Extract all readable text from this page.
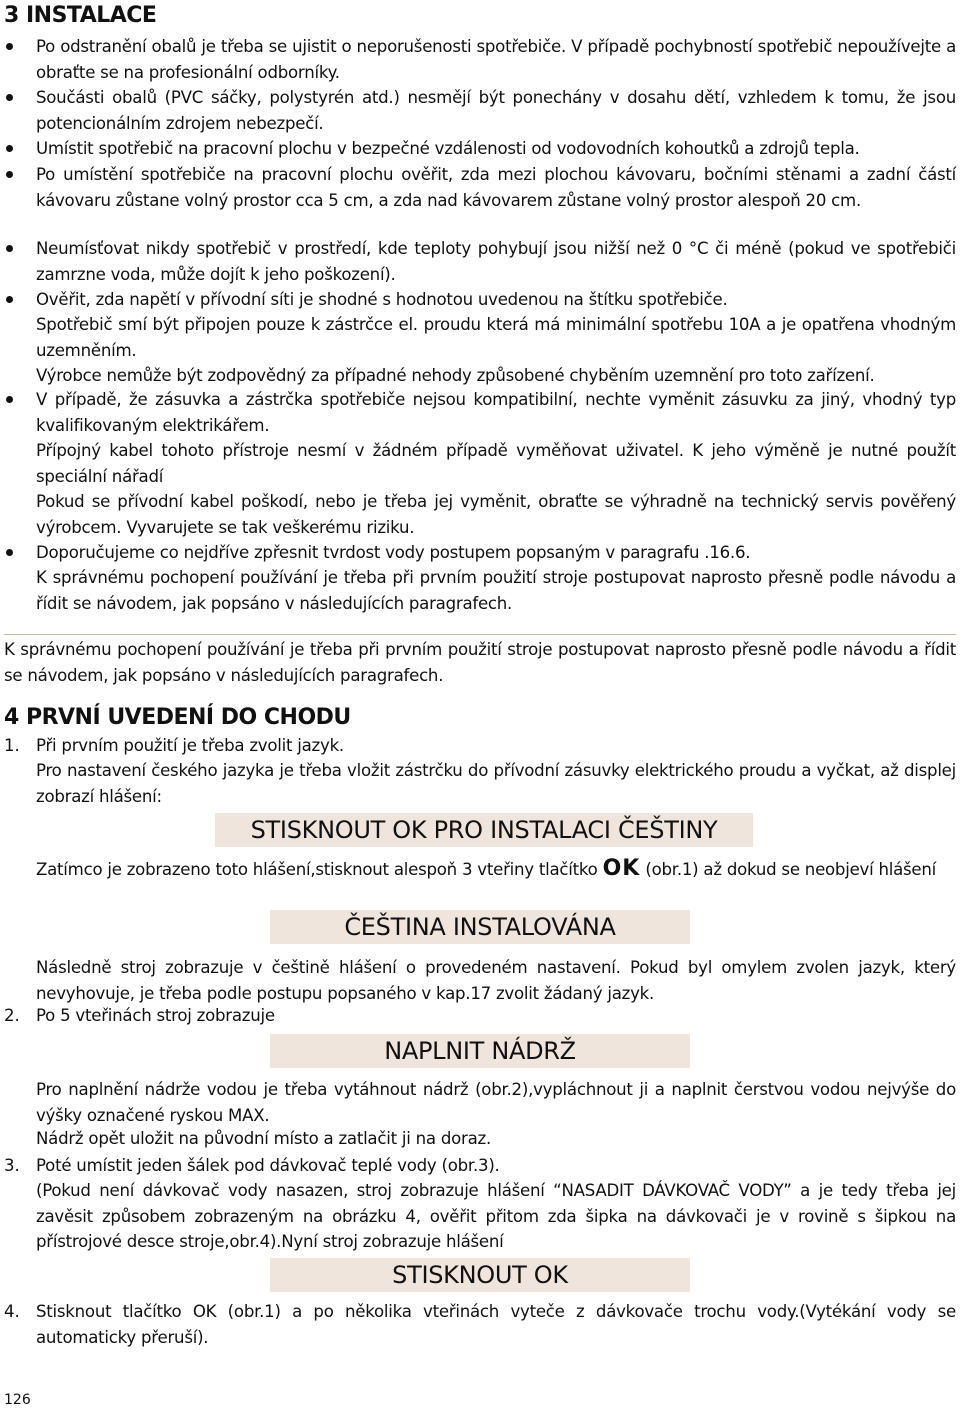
3 INSTALACE
Po odstranění obalů je třeba se ujistit o neporušenosti spotřebiče. V případě pochybností spotřebič nepoužívejte a obraťte se na profesionální odborníky.
Součásti obalů (PVC sáčky, polystyrén atd.) nesmějí být ponechány v dosahu dětí, vzhledem k tomu, že jsou potencionálním zdrojem nebezpečí.
Umístit spotřebič na pracovní plochu v bezpečné vzdálenosti od vodovodních kohoutků a zdrojů tepla.
Po umístění spotřebiče na pracovní plochu ověřit, zda mezi plochou kávovaru, bočními stěnami a zadní částí kávovaru zůstane volný prostor cca 5 cm, a zda nad kávovarem zůstane volný prostor alespoň 20 cm.
Neumísťovat nikdy spotřebič v prostředí, kde teploty pohybují jsou nižší než 0 °C či méně (pokud ve spotřebiči zamrzne voda, může dojít k jeho poškození).
Ověřit, zda napětí v přívodní síti je shodné s hodnotou uvedenou na štítku spotřebiče.
Spotřebič smí být připojen pouze k zástrčce el. proudu která má minimální spotřebu 10A a je opatřena vhodným uzemněním.
Výrobce nemůže být zodpovědný za případné nehody způsobené chyběním uzemnění pro toto zařízení.
V případě, že zásuvka a zástrčka spotřebiče nejsou kompatibilní, nechte vyměnit zásuvku za jiný, vhodný typ kvalifikovaným elektrikářem.
Přípojný kabel tohoto přístroje nesmí v žádném případě vyměňovat uživatel. K jeho výměně je nutné použít speciální nářadí
Pokud se přívodní kabel poškodí, nebo je třeba jej vyměnit, obraťte se výhradně na technický servis pověřený výrobcem. Vyvarujete se tak veškerému riziku.
Doporučujeme co nejdříve zpřesnit tvrdost vody postupem popsaným v paragrafu .16.6.
K správnému pochopení používání je třeba při prvním použití stroje postupovat naprosto přesně podle návodu a řídit se návodem, jak popsáno v následujících paragrafech.
K správnému pochopení používání je třeba při prvním použití stroje postupovat naprosto přesně podle návodu a řídit se návodem, jak popsáno v následujících paragrafech.
4 PRVNÍ UVEDENÍ DO CHODU
1. Při prvním použití je třeba zvolit jazyk.
Pro nastavení českého jazyka je třeba vložit zástrčku do přívodní zásuvky elektrického proudu a vyčkat, až displej zobrazí hlášení:
STISKNOUT OK PRO INSTALACI ČEŠTINY
Zatímco je zobrazeno toto hlášení,stisknout alespoň 3 vteřiny tlačítko OK (obr.1) až dokud se neobjeví hlášení
ČEŠTINA INSTALOVÁNA
Následně stroj zobrazuje v češtině hlášení o provedeném nastavení. Pokud byl omylem zvolen jazyk, který nevyhovuje, je třeba podle postupu popsaného v kap.17 zvolit žádaný jazyk.
2. Po 5 vteřinách stroj zobrazuje
NAPLNIT NÁDRŽ
Pro naplnění nádrže vodou je třeba vytáhnout nádrž (obr.2),vypláchnout ji a naplnit čerstvou vodou nejvýše do výšky označené ryskou MAX.
Nádrž opět uložit na původní místo a zatlačit ji na doraz.
3. Poté umístit jeden šálek pod dávkovač teplé vody (obr.3).
(Pokud není dávkovač vody nasazen, stroj zobrazuje hlášení “NASADIT DÁVKOVAČ VODY” a je tedy třeba jej zavěsit způsobem zobrazeným na obrázku 4, ověřit přitom zda šipka na dávkovači je v rovině s šipkou na přístrojové desce stroje,obr.4).Nyní stroj zobrazuje hlášení
STISKNOUT OK
4. Stisknout tlačítko OK (obr.1) a po několika vteřinách vyteče z dávkovače trochu vody.(Vytékání vody se automaticky přeruší).
126
